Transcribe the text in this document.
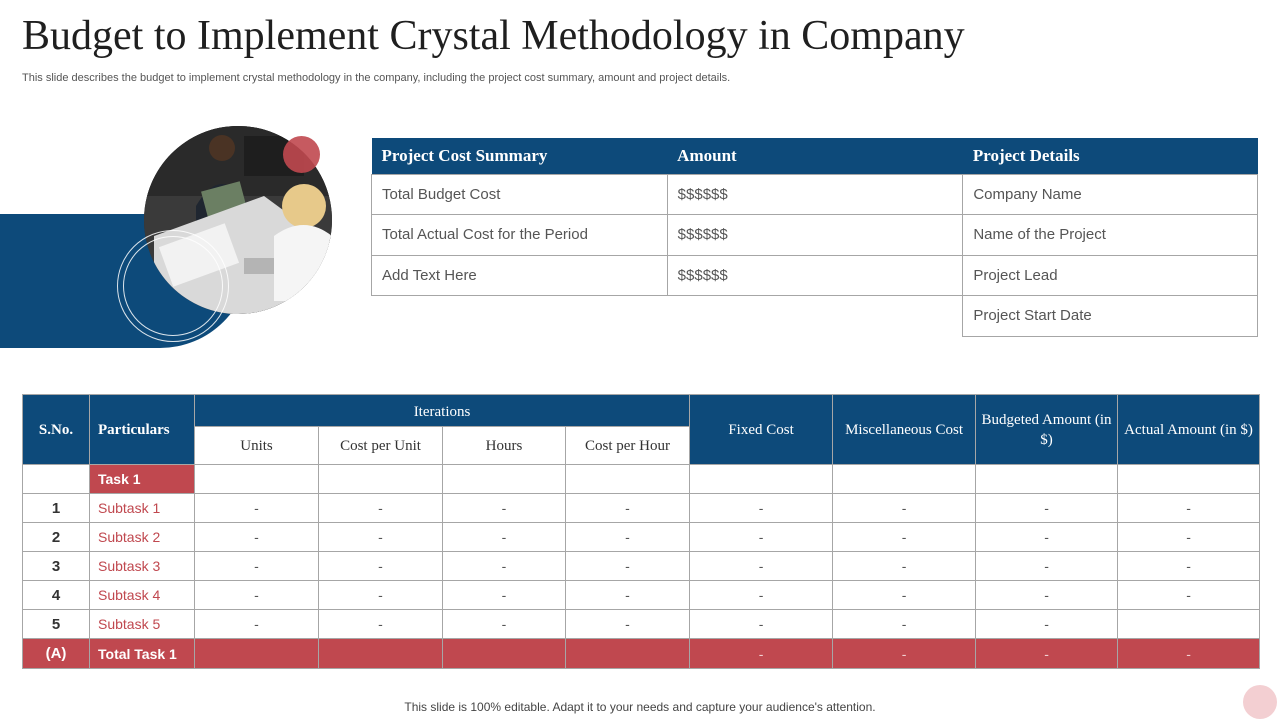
Budget to Implement Crystal Methodology in Company
This slide describes the budget to implement crystal methodology in the company, including the project cost summary, amount and project details.
Project Cost Summary	Amount	Project Details
Total Budget Cost	$$$$$$	Company Name
Total Actual Cost for the Period	$$$$$$	Name of the Project
Add Text Here	$$$$$$	Project Lead
		Project Start Date
S.No.	Particulars	Iterations				Fixed Cost	Miscellaneous Cost	Budgeted Amount (in $)	Actual Amount (in $)
		Units	Cost per Unit	Hours	Cost per Hour				
	Task 1								
1	Subtask 1	-	-	-	-	-	-	-	-
2	Subtask 2	-	-	-	-	-	-	-	-
3	Subtask 3	-	-	-	-	-	-	-	-
4	Subtask 4	-	-	-	-	-	-	-	-
5	Subtask 5	-	-	-	-	-	-	-	
(A)	Total Task 1					-	-	-	-
This slide is 100% editable. Adapt it to your needs and capture your audience's attention.
